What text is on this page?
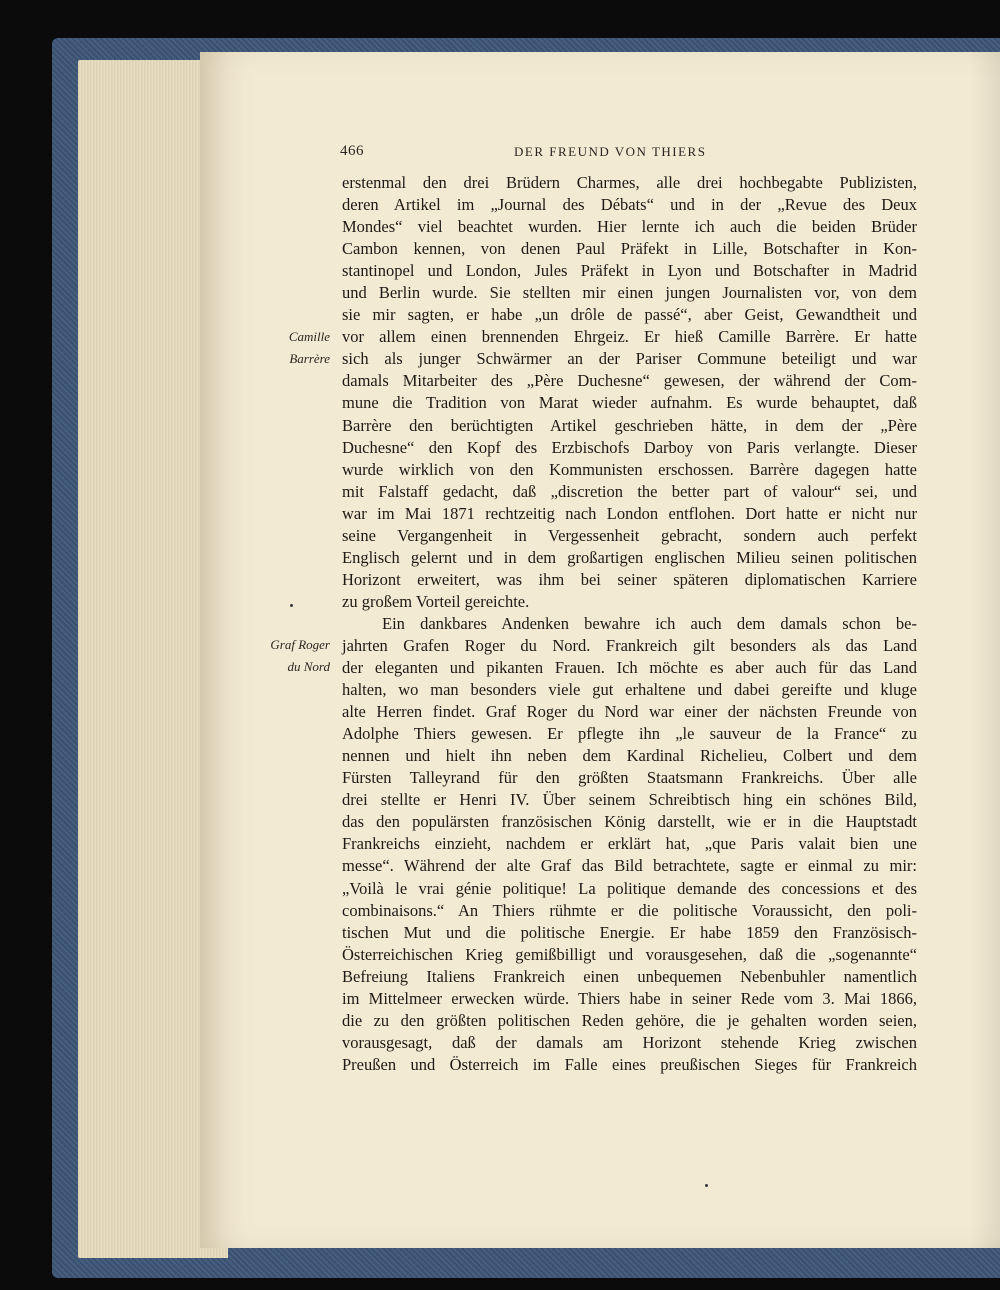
466	DER FREUND VON THIERS
Camille
Barrère
Graf Roger
du Nord
erstenmal den drei Brüdern Charmes, alle drei hochbegabte Publizisten,
deren Artikel im „Journal des Débats“ und in der „Revue des Deux
Mondes“ viel beachtet wurden. Hier lernte ich auch die beiden Brüder
Cambon kennen, von denen Paul Präfekt in Lille, Botschafter in Kon-
stantinopel und London, Jules Präfekt in Lyon und Botschafter in Madrid
und Berlin wurde. Sie stellten mir einen jungen Journalisten vor, von dem
sie mir sagten, er habe „un drôle de passé“, aber Geist, Gewandtheit und
vor allem einen brennenden Ehrgeiz. Er hieß Camille Barrère. Er hatte
sich als junger Schwärmer an der Pariser Commune beteiligt und war
damals Mitarbeiter des „Père Duchesne“ gewesen, der während der Com-
mune die Tradition von Marat wieder aufnahm. Es wurde behauptet, daß
Barrère den berüchtigten Artikel geschrieben hätte, in dem der „Père
Duchesne“ den Kopf des Erzbischofs Darboy von Paris verlangte. Dieser
wurde wirklich von den Kommunisten erschossen. Barrère dagegen hatte
mit Falstaff gedacht, daß „discretion the better part of valour“ sei, und
war im Mai 1871 rechtzeitig nach London entflohen. Dort hatte er nicht nur
seine Vergangenheit in Vergessenheit gebracht, sondern auch perfekt
Englisch gelernt und in dem großartigen englischen Milieu seinen politischen
Horizont erweitert, was ihm bei seiner späteren diplomatischen Karriere
zu großem Vorteil gereichte.
Ein dankbares Andenken bewahre ich auch dem damals schon be-
jahrten Grafen Roger du Nord. Frankreich gilt besonders als das Land
der eleganten und pikanten Frauen. Ich möchte es aber auch für das Land
halten, wo man besonders viele gut erhaltene und dabei gereifte und kluge
alte Herren findet. Graf Roger du Nord war einer der nächsten Freunde von
Adolphe Thiers gewesen. Er pflegte ihn „le sauveur de la France“ zu
nennen und hielt ihn neben dem Kardinal Richelieu, Colbert und dem
Fürsten Talleyrand für den größten Staatsmann Frankreichs. Über alle
drei stellte er Henri IV. Über seinem Schreibtisch hing ein schönes Bild,
das den populärsten französischen König darstellt, wie er in die Hauptstadt
Frankreichs einzieht, nachdem er erklärt hat, „que Paris valait bien une
messe“. Während der alte Graf das Bild betrachtete, sagte er einmal zu mir:
„Voilà le vrai génie politique! La politique demande des concessions et des
combinaisons.“ An Thiers rühmte er die politische Voraussicht, den poli-
tischen Mut und die politische Energie. Er habe 1859 den Französisch-
Österreichischen Krieg gemißbilligt und vorausgesehen, daß die „sogenannte“
Befreiung Italiens Frankreich einen unbequemen Nebenbuhler namentlich
im Mittelmeer erwecken würde. Thiers habe in seiner Rede vom 3. Mai 1866,
die zu den größten politischen Reden gehöre, die je gehalten worden seien,
vorausgesagt, daß der damals am Horizont stehende Krieg zwischen
Preußen und Österreich im Falle eines preußischen Sieges für Frankreich
